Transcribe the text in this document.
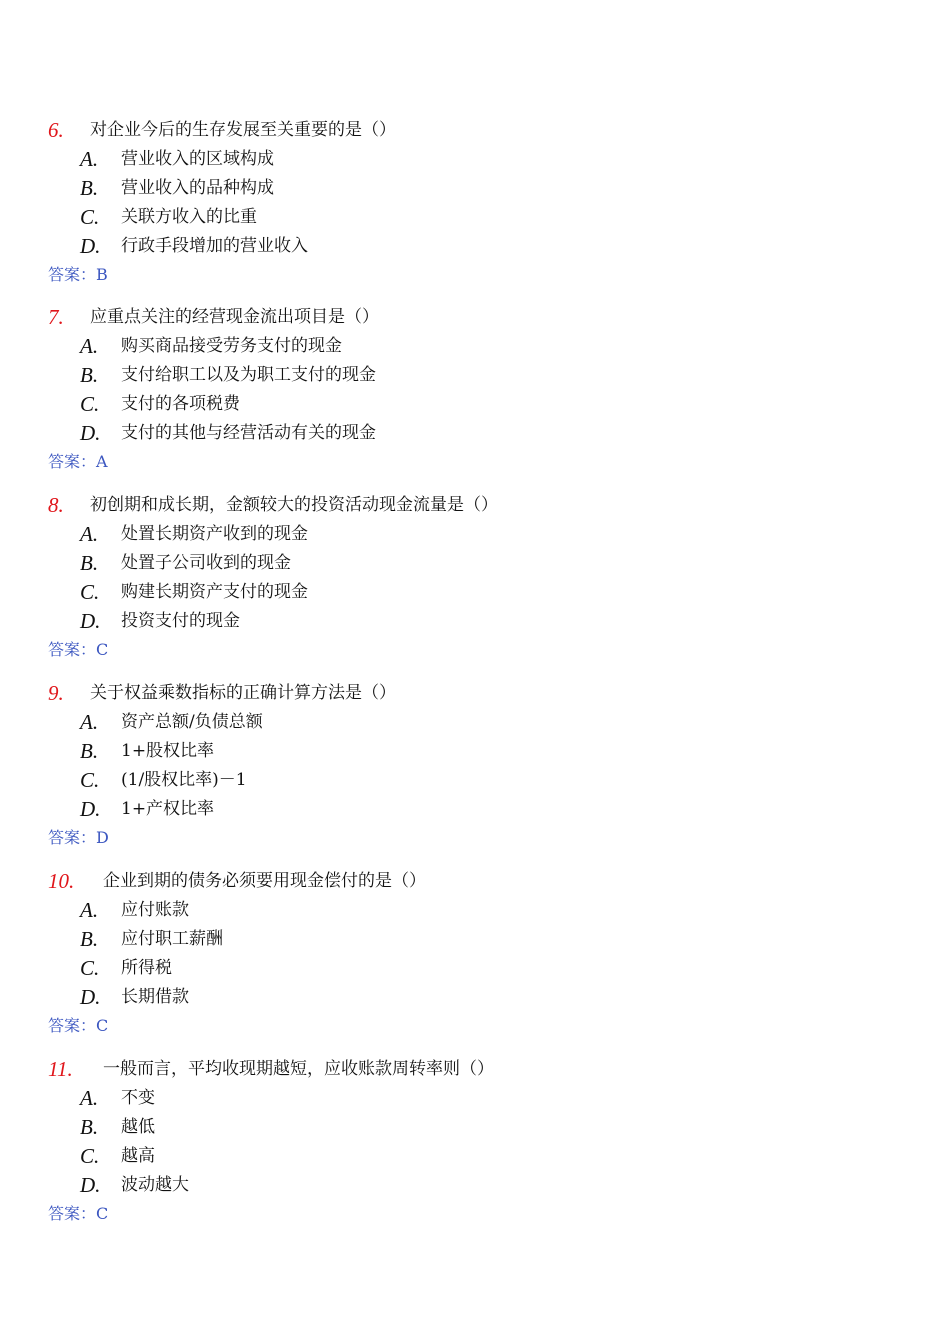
6. 对企业今后的生存发展至关重要的是（）
A. 营业收入的区域构成
B. 营业收入的品种构成
C. 关联方收入的比重
D. 行政手段增加的营业收入
答案：B
7. 应重点关注的经营现金流出项目是（）
A. 购买商品接受劳务支付的现金
B. 支付给职工以及为职工支付的现金
C. 支付的各项税费
D. 支付的其他与经营活动有关的现金
答案：A
8. 初创期和成长期，金额较大的投资活动现金流量是（）
A. 处置长期资产收到的现金
B. 处置子公司收到的现金
C. 购建长期资产支付的现金
D. 投资支付的现金
答案：C
9. 关于权益乘数指标的正确计算方法是（）
A. 资产总额/负债总额
B. 1+股权比率
C. (1/股权比率)－1
D. 1+产权比率
答案：D
10. 企业到期的债务必须要用现金偿付的是（）
A. 应付账款
B. 应付职工薪酬
C. 所得税
D. 长期借款
答案：C
11. 一般而言，平均收现期越短，应收账款周转率则（）
A. 不变
B. 越低
C. 越高
D. 波动越大
答案：C
